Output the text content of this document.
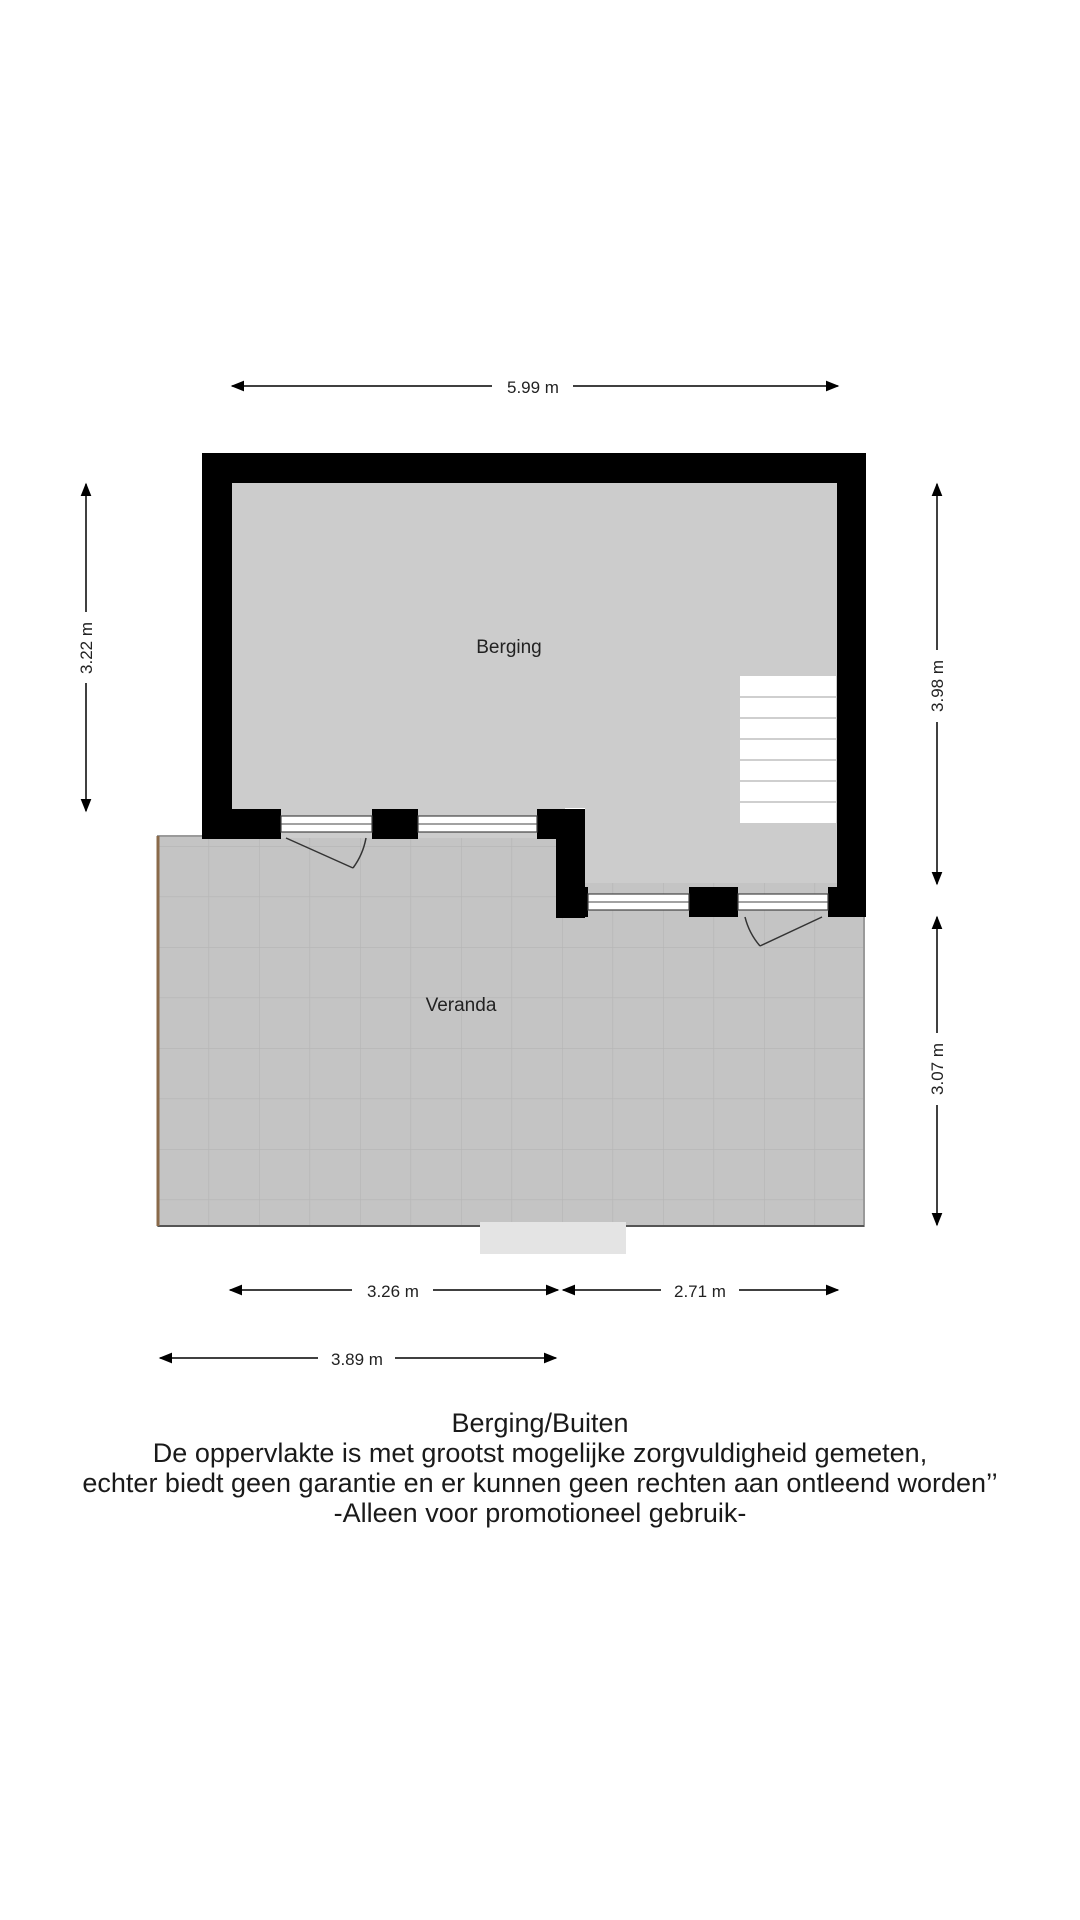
Berging
Veranda
5.99 m
3.22 m
3.98 m
3.07 m
3.26 m	2.71 m
3.89 m
Berging/Buiten
De oppervlakte is met grootst mogelijke zorgvuldigheid gemeten,
echter biedt geen garantie en er kunnen geen rechten aan ontleend worden’’
-Alleen voor promotioneel gebruik-
